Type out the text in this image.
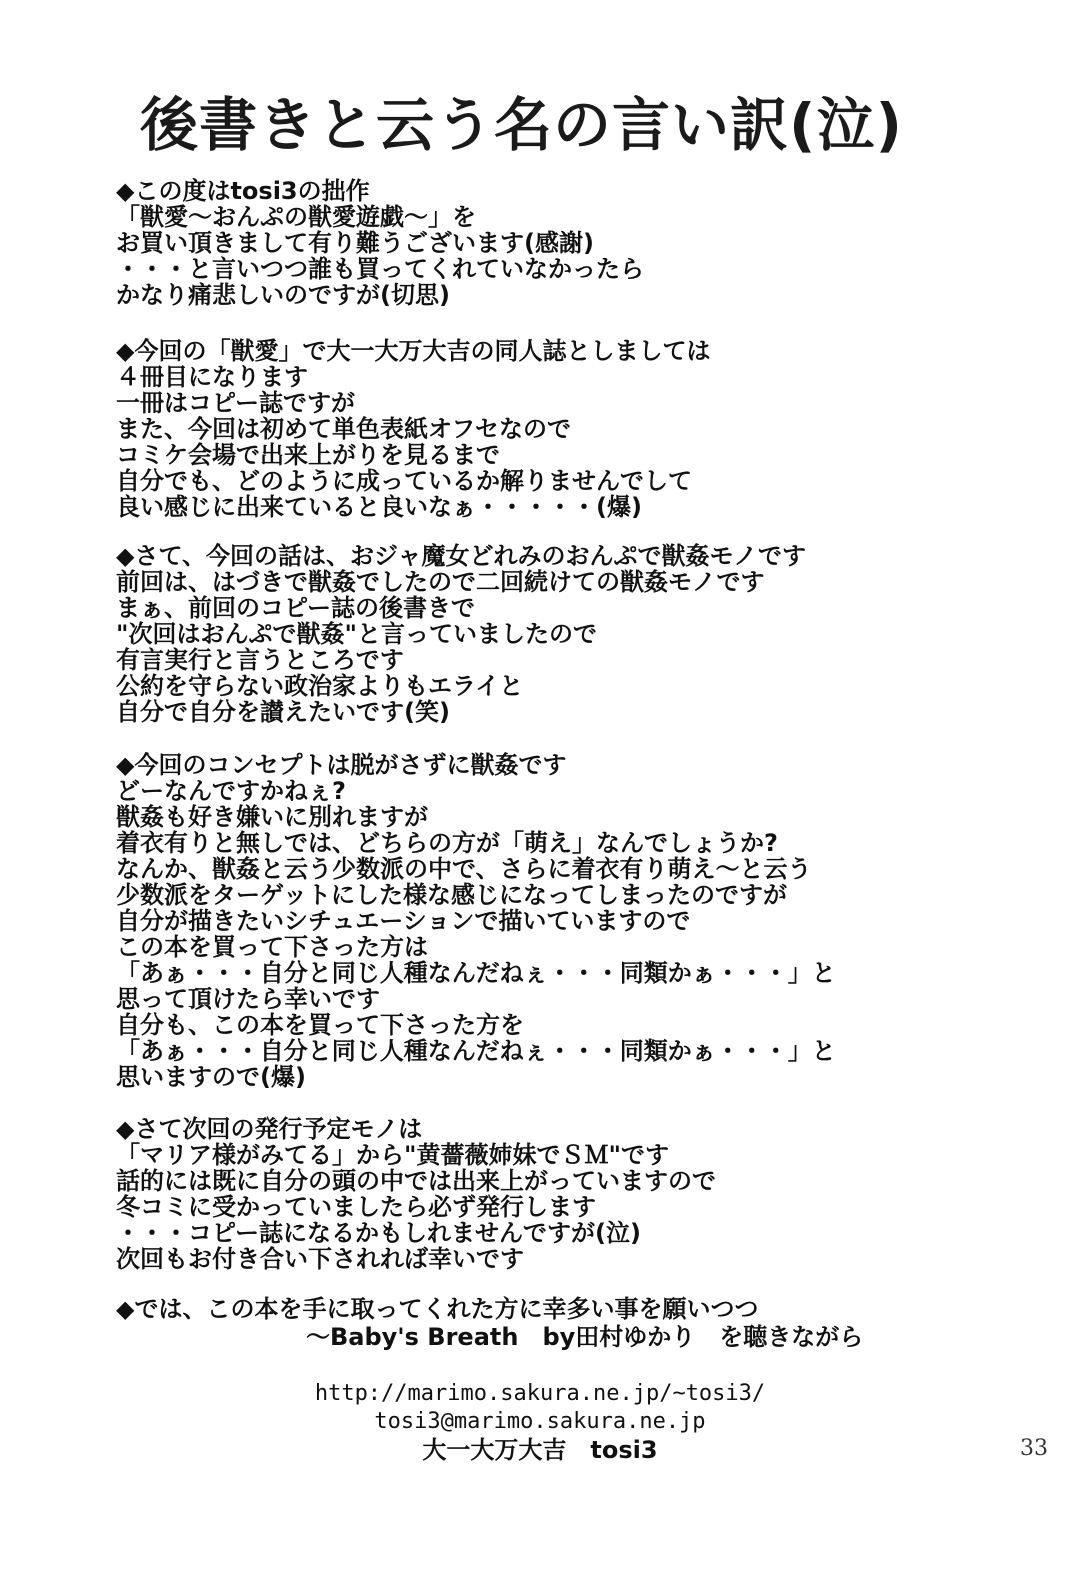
後書きと云う名の言い訳(泣)
◆この度はtosi3の拙作
「獣愛～おんぷの獣愛遊戯～」を
お買い頂きまして有り難うございます(感謝)
・・・と言いつつ誰も買ってくれていなかったら
かなり痛悲しいのですが(切思)
◆今回の「獣愛」で大一大万大吉の同人誌としましては
４冊目になります
一冊はコピー誌ですが
また、今回は初めて単色表紙オフセなので
コミケ会場で出来上がりを見るまで
自分でも、どのように成っているか解りませんでして
良い感じに出来ていると良いなぁ・・・・・(爆)
◆さて、今回の話は、おジャ魔女どれみのおんぷで獣姦モノです
前回は、はづきで獣姦でしたので二回続けての獣姦モノです
まぁ、前回のコピー誌の後書きで
"次回はおんぷで獣姦"と言っていましたので
有言実行と言うところです
公約を守らない政治家よりもエライと
自分で自分を讃えたいです(笑)
◆今回のコンセプトは脱がさずに獣姦です
どーなんですかねぇ?
獣姦も好き嫌いに別れますが
着衣有りと無しでは、どちらの方が「萌え」なんでしょうか?
なんか、獣姦と云う少数派の中で、さらに着衣有り萌え～と云う
少数派をターゲットにした様な感じになってしまったのですが
自分が描きたいシチュエーションで描いていますので
この本を買って下さった方は
「あぁ・・・自分と同じ人種なんだねぇ・・・同類かぁ・・・」と
思って頂けたら幸いです
自分も、この本を買って下さった方を
「あぁ・・・自分と同じ人種なんだねぇ・・・同類かぁ・・・」と
思いますので(爆)
◆さて次回の発行予定モノは
「マリア様がみてる」から"黄薔薇姉妹でＳＭ"です
話的には既に自分の頭の中では出来上がっていますので
冬コミに受かっていましたら必ず発行します
・・・コピー誌になるかもしれませんですが(泣)
次回もお付き合い下されれば幸いです
◆では、この本を手に取ってくれた方に幸多い事を願いつつ
～Baby's Breath　by田村ゆかり　を聴きながら
http://marimo.sakura.ne.jp/~tosi3/
tosi3@marimo.sakura.ne.jp
大一大万大吉　tosi3	33
